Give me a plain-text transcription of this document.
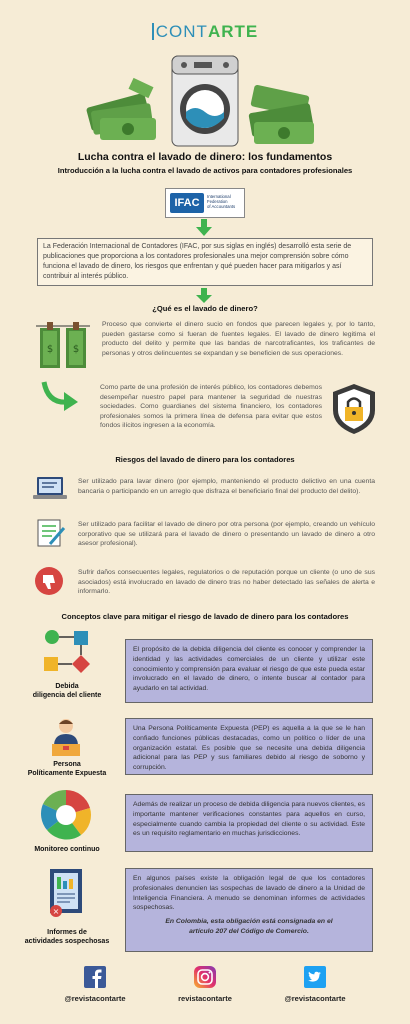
CONTARTE
Lucha contra el lavado de dinero: los fundamentos
Introducción a la lucha contra el lavado de activos para contadores profesionales
IFAC
International
Federation
of Accountants
La Federación Internacional de Contadores (IFAC, por sus siglas en inglés) desarrolló esta serie de publicaciones que proporciona a los contadores profesionales una mejor comprensión sobre cómo funciona el lavado de dinero, los riesgos que enfrentan y qué pueden hacer para mitigarlos y así contribuir al interés público.
¿Qué es el lavado de dinero?
$ $
Proceso que convierte el dinero sucio en fondos que parecen legales y, por lo tanto, pueden gastarse como si fueran de fuentes legales. El lavado de dinero legitima el producto del delito y permite que las bandas de narcotraficantes, los traficantes de personas y otros delincuentes se expandan y se beneficien de sus operaciones.
Como parte de una profesión de interés público, los contadores debemos desempeñar nuestro papel para mantener la seguridad de nuestras sociedades. Como guardianes del sistema financiero, los contadores profesionales somos la primera línea de defensa para evitar que estos fondos ilícitos ingresen a la economía.
Riesgos del lavado de dinero para los contadores
Ser utilizado para lavar dinero (por ejemplo, manteniendo el producto delictivo en una cuenta bancaria o participando en un arreglo que disfraza el beneficiario final del producto del delito).
Ser utilizado para facilitar el lavado de dinero por otra persona (por ejemplo, creando un vehículo corporativo que se utilizará para el lavado de dinero o presentando un lavado de dinero a otro asesor profesional).
Sufrir daños consecuentes legales, regulatorios o de reputación porque un cliente (o uno de sus asociados) está involucrado en lavado de dinero tras no haber detectado las señales de alerta e informarlo.
Conceptos clave para mitigar el riesgo de lavado de dinero para los contadores
Debida
diligencia del cliente
El propósito de la debida diligencia del cliente es conocer y comprender la identidad y las actividades comerciales de un cliente y utilizar este conocimiento y comprensión para evaluar el riesgo de que este pueda estar involucrado en el lavado de dinero, o intente buscar al contador para ayudarlo en tal actividad.
Persona
Políticamente Expuesta
Una Persona Políticamente Expuesta (PEP) es aquella a la que se le han confiado funciones públicas destacadas, como un político o líder de una organización estatal. Es posible que se necesite una debida diligencia adicional para las PEP y sus familiares debido al riesgo de soborno y corrupción.
Monitoreo continuo
Además de realizar un proceso de debida diligencia para nuevos clientes, es importante mantener verificaciones constantes para aquellos en curso, especialmente cuando cambia la propiedad del cliente o su actividad. Este es un requisito reglamentario en muchas jurisdicciones.
×
Informes de
actividades sospechosas
En algunos países existe la obligación legal de que los contadores profesionales denuncien las sospechas de lavado de dinero a la Unidad de Inteligencia Financiera. A menudo se denominan informes de actividades sospechosas.
En Colombia, esta obligación está consignada en el
artículo 207 del Código de Comercio.
@revistacontarte	revistacontarte	@revistacontarte
